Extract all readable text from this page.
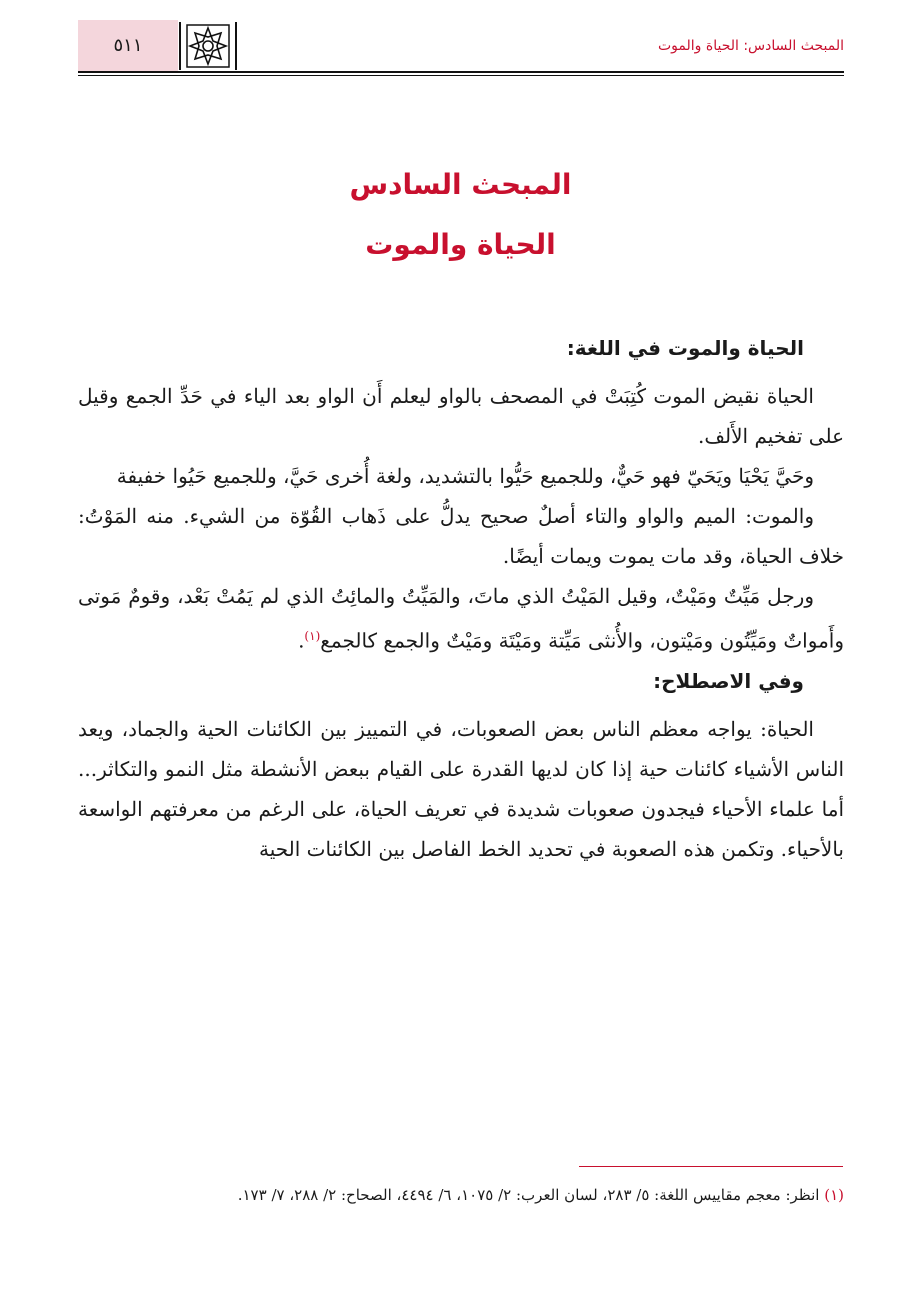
٥١١	المبحث السادس: الحياة والموت
المبحث السادس
الحياة والموت

الحياة والموت في اللغة:

الحياة نقيض الموت كُتِبَتْ في المصحف بالواو ليعلم أَن الواو بعد الياء في حَدِّ الجمع وقيل على تفخيم الأَلف.

وحَيَّ يَحْيَا ويَحَيّ فهو حَيٌّ، وللجميع حَيُّوا بالتشديد، ولغة أُخرى حَيَّ، وللجميع حَيُوا خفيفة

والموت: الميم والواو والتاء أصلٌ صحيح يدلُّ على ذَهاب القُوّة من الشيء. منه المَوْتُ: خلاف الحياة، وقد مات يموت ويمات أيضًا.

ورجل مَيِّتٌ ومَيْتٌ، وقيل المَيْتُ الذي ماتَ، والمَيِّتُ والمائِتُ الذي لم يَمُتْ بَعْد، وقومٌ مَوتى وأَمواتٌ ومَيِّتُون ومَيْتون، والأُنثى مَيِّتة ومَيْتَة ومَيْتٌ والجمع كالجمع$^{(١)}$.

وفي الاصطلاح:

الحياة: يواجه معظم الناس بعض الصعوبات، في التمييز بين الكائنات الحية والجماد، ويعد الناس الأشياء كائنات حية إذا كان لديها القدرة على القيام ببعض الأنشطة مثل النمو والتكاثر... أما علماء الأحياء فيجدون صعوبات شديدة في تعريف الحياة، على الرغم من معرفتهم الواسعة بالأحياء. وتكمن هذه الصعوبة في تحديد الخط الفاصل بين الكائنات الحية

(١) انظر: معجم مقاييس اللغة: ٥/ ٢٨٣، لسان العرب: ٢/ ١٠٧٥، ٦/ ٤٤٩٤، الصحاح: ٢/ ٢٨٨، ٧/ ١٧٣.
